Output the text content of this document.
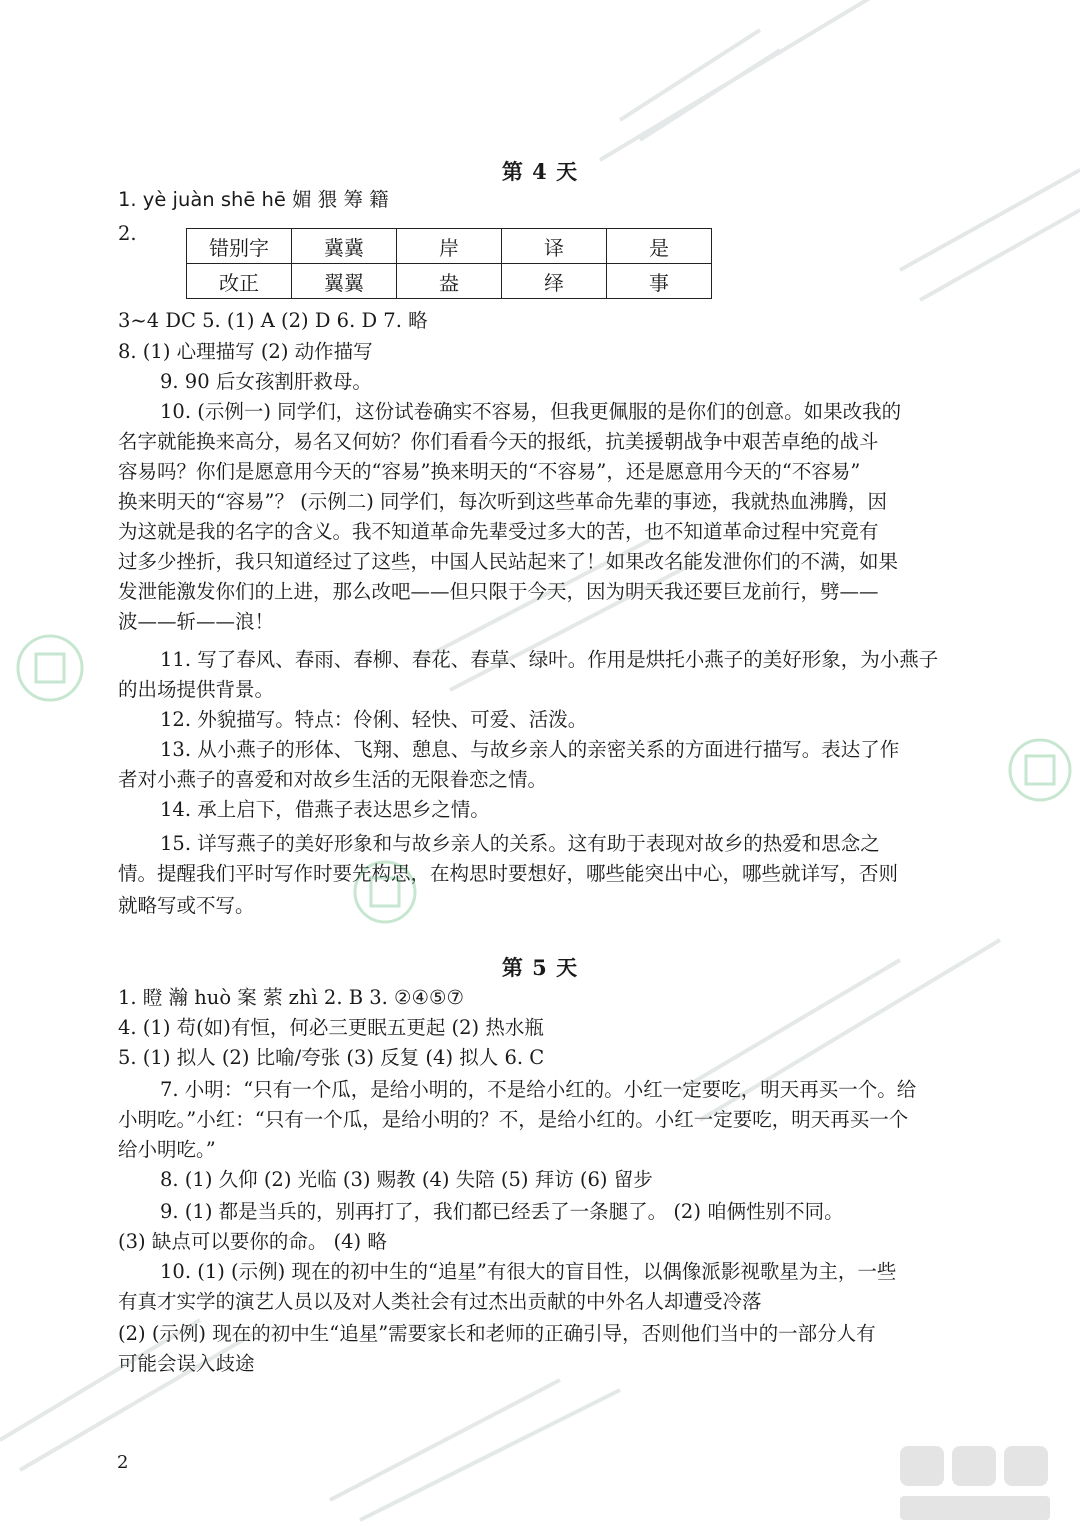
第 4 天
1. yè juàn shē hē 媚 猥 筹 籍
2.
错别字	冀冀	岸	译	是
改正	翼翼	盎	绎	事
3~4 DC 5. (1) A (2) D 6. D 7. 略
8. (1) 心理描写 (2) 动作描写
9. 90 后女孩割肝救母。
10. (示例一) 同学们，这份试卷确实不容易，但我更佩服的是你们的创意。如果改我的
名字就能换来高分，易名又何妨？你们看看今天的报纸，抗美援朝战争中艰苦卓绝的战斗
容易吗？你们是愿意用今天的“容易”换来明天的“不容易”，还是愿意用今天的“不容易”
换来明天的“容易”？ (示例二) 同学们，每次听到这些革命先辈的事迹，我就热血沸腾，因
为这就是我的名字的含义。我不知道革命先辈受过多大的苦，也不知道革命过程中究竟有
过多少挫折，我只知道经过了这些，中国人民站起来了！如果改名能发泄你们的不满，如果
发泄能激发你们的上进，那么改吧——但只限于今天，因为明天我还要巨龙前行，劈——
波——斩——浪！
11. 写了春风、春雨、春柳、春花、春草、绿叶。作用是烘托小燕子的美好形象，为小燕子
的出场提供背景。
12. 外貌描写。特点：伶俐、轻快、可爱、活泼。
13. 从小燕子的形体、飞翔、憩息、与故乡亲人的亲密关系的方面进行描写。表达了作
者对小燕子的喜爱和对故乡生活的无限眷恋之情。
14. 承上启下，借燕子表达思乡之情。
15. 详写燕子的美好形象和与故乡亲人的关系。这有助于表现对故乡的热爱和思念之
情。提醒我们平时写作时要先构思，在构思时要想好，哪些能突出中心，哪些就详写，否则
就略写或不写。
第 5 天
1. 瞪 瀚 huò 案 萦 zhì 2. B 3. ②④⑤⑦
4. (1) 苟(如)有恒，何必三更眠五更起 (2) 热水瓶
5. (1) 拟人 (2) 比喻/夸张 (3) 反复 (4) 拟人 6. C
7. 小明：“只有一个瓜，是给小明的，不是给小红的。小红一定要吃，明天再买一个。给
小明吃。”小红：“只有一个瓜，是给小明的？不，是给小红的。小红一定要吃，明天再买一个
给小明吃。”
8. (1) 久仰 (2) 光临 (3) 赐教 (4) 失陪 (5) 拜访 (6) 留步
9. (1) 都是当兵的，别再打了，我们都已经丢了一条腿了。 (2) 咱俩性别不同。
(3) 缺点可以要你的命。 (4) 略
10. (1) (示例) 现在的初中生的“追星”有很大的盲目性，以偶像派影视歌星为主，一些
有真才实学的演艺人员以及对人类社会有过杰出贡献的中外名人却遭受冷落
(2) (示例) 现在的初中生“追星”需要家长和老师的正确引导，否则他们当中的一部分人有
可能会误入歧途
2
